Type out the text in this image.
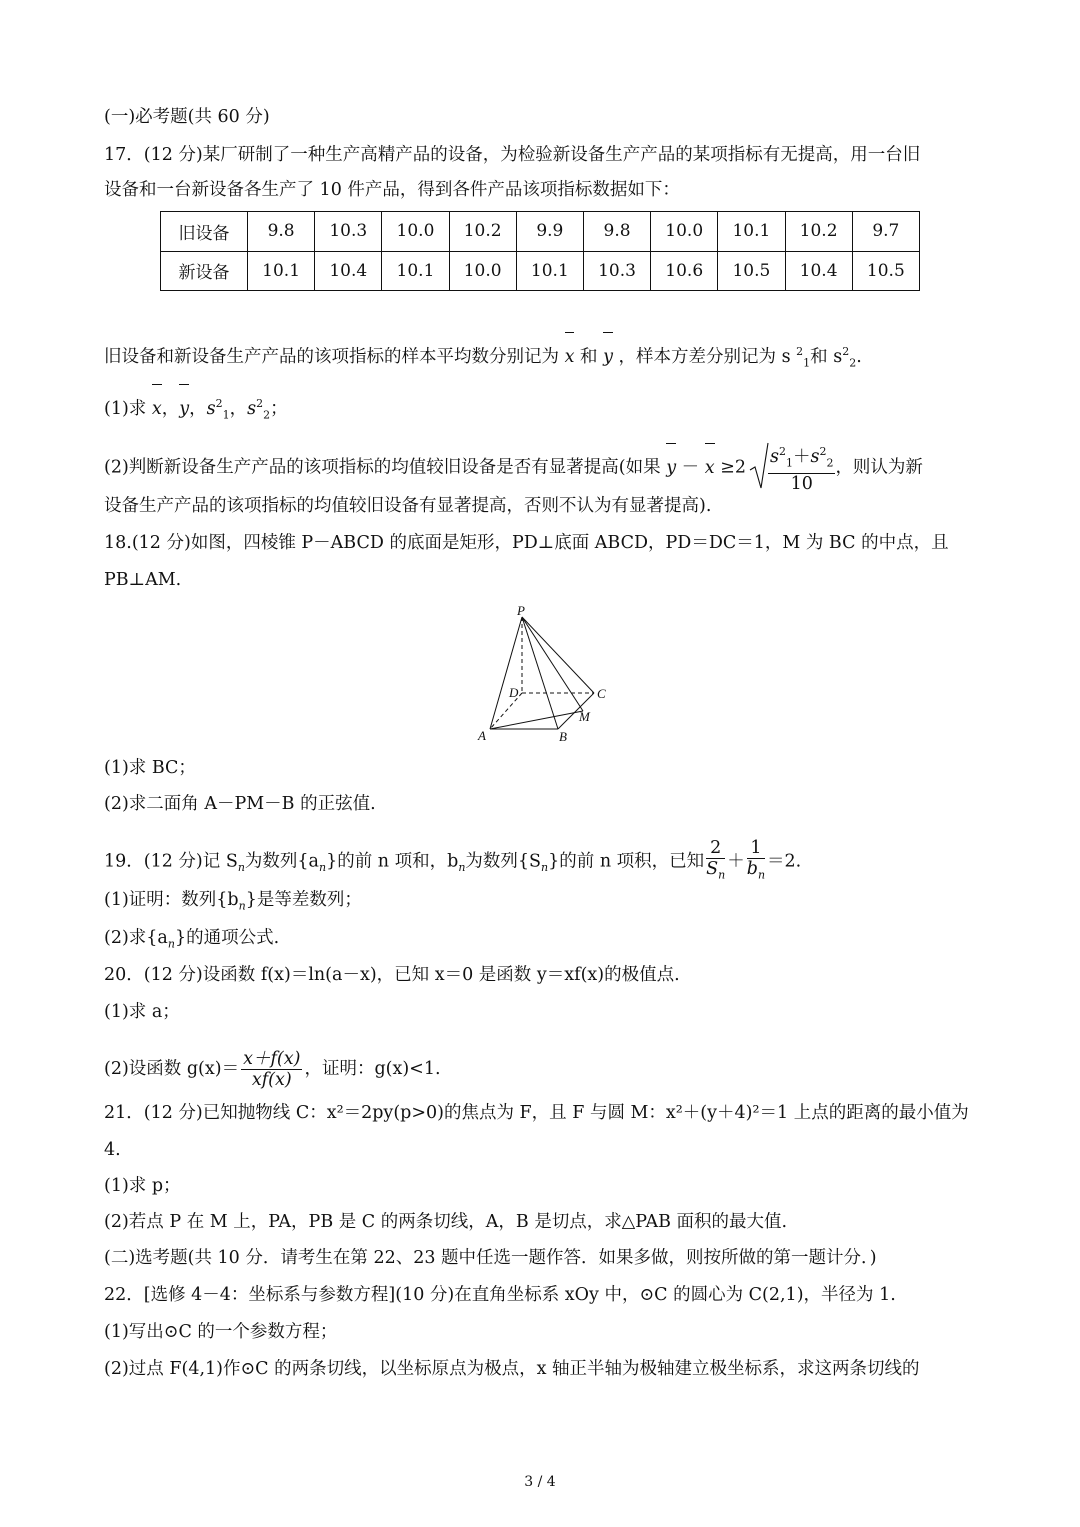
(一)必考题(共 60 分)
17．(12 分)某厂研制了一种生产高精产品的设备，为检验新设备生产产品的某项指标有无提高，用一台旧
设备和一台新设备各生产了 10 件产品，得到各件产品该项指标数据如下：
旧设备	9.8	10.3	10.0	10.2	9.9	9.8	10.0	10.1	10.2	9.7
新设备	10.1	10.4	10.1	10.0	10.1	10.3	10.6	10.5	10.4	10.5
旧设备和新设备生产产品的该项指标的样本平均数分别记为 x 和 y ，样本方差分别记为 s $^2_1$和 $s^2_2$.
(1)求 x，y，$s^2_1$，$s^2_2$；
(2)判断新设备生产产品的该项指标的均值较旧设备是否有显著提高(如果 $y - x \ge 2 \frac{s^2_1+s^2_2}{10}$ ，则认为新
设备生产产品的该项指标的均值较旧设备有显著提高，否则不认为有显著提高).
18.(12 分)如图，四棱锥 P－ABCD 的底面是矩形，PD⊥底面 ABCD，PD＝DC＝1，M 为 BC 的中点，且
PB⊥AM.
P
D	C
M
A	B
(1)求 BC；
(2)求二面角 A－PM－B 的正弦值.
19．(12 分)记 $S_n$为数列$\{a_n\}$的前 n 项和，$b_n$为数列$\{S_n\}$的前 n 项积，已知 $\frac{2}{S_n} + \frac{1}{b_n} =2$.
(1)证明：数列$\{b_n\}$是等差数列；
(2)求$\{a_n\}$的通项公式.
20．(12 分)设函数 f(x)＝ln(a－x)，已知 x＝0 是函数 y＝xf(x)的极值点.
(1)求 a；
(2)设函数 $g(x)= \frac{x+f(x)}{xf(x)}$ ，证明：g(x)<1.
21．(12 分)已知抛物线 C：x²＝2py(p>0)的焦点为 F，且 F 与圆 M：x²＋(y＋4)²＝1 上点的距离的最小值为
4.
(1)求 p；
(2)若点 P 在 M 上，PA，PB 是 C 的两条切线，A，B 是切点，求△PAB 面积的最大值.
(二)选考题(共 10 分．请考生在第 22、23 题中任选一题作答．如果多做，则按所做的第一题计分．)
22．[选修 4－4：坐标系与参数方程](10 分)在直角坐标系 xOy 中，⊙C 的圆心为 C(2,1)，半径为 1.
(1)写出⊙C 的一个参数方程；
(2)过点 F(4,1)作⊙C 的两条切线，以坐标原点为极点，x 轴正半轴为极轴建立极坐标系，求这两条切线的
3 / 4
